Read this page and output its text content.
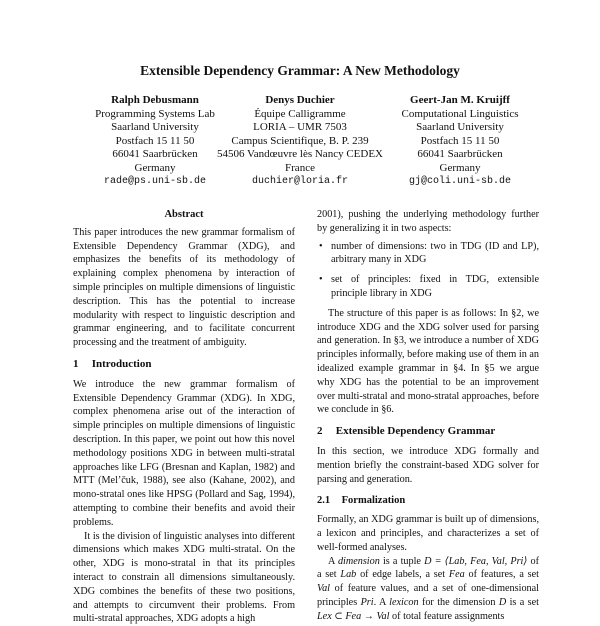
Extensible Dependency Grammar: A New Methodology
Ralph Debusmann
Programming Systems Lab
Saarland University
Postfach 15 11 50
66041 Saarbrücken
Germany
rade@ps.uni-sb.de
Denys Duchier
Équipe Calligramme
LORIA – UMR 7503
Campus Scientifique, B. P. 239
54506 Vandœuvre lès Nancy CEDEX
France
duchier@loria.fr
Geert-Jan M. Kruijff
Computational Linguistics
Saarland University
Postfach 15 11 50
66041 Saarbrücken
Germany
gj@coli.uni-sb.de
Abstract

This paper introduces the new grammar formalism of Extensible Dependency Grammar (XDG), and emphasizes the benefits of its methodology of explaining complex phenomena by interaction of simple principles on multiple dimensions of linguistic description. This has the potential to increase modularity with respect to linguistic description and grammar engineering, and to facilitate concurrent processing and the treatment of ambiguity.

1 Introduction

We introduce the new grammar formalism of Extensible Dependency Grammar (XDG). In XDG, complex phenomena arise out of the interaction of simple principles on multiple dimensions of linguistic description. In this paper, we point out how this novel methodology positions XDG in between multi-stratal approaches like LFG (Bresnan and Kaplan, 1982) and MTT (Mel’čuk, 1988), see also (Kahane, 2002), and mono-stratal ones like HPSG (Pollard and Sag, 1994), attempting to combine their benefits and avoid their problems.

It is the division of linguistic analyses into different dimensions which makes XDG multi-stratal. On the other, XDG is mono-stratal in that its principles interact to constrain all dimensions simultaneously. XDG combines the benefits of these two positions, and attempts to circumvent their problems. From multi-stratal approaches, XDG adopts a high

2001), pushing the underlying methodology further by generalizing it in two aspects:

• number of dimensions: two in TDG (ID and LP), arbitrary many in XDG
• set of principles: fixed in TDG, extensible principle library in XDG

The structure of this paper is as follows: In §2, we introduce XDG and the XDG solver used for parsing and generation. In §3, we introduce a number of XDG principles informally, before making use of them in an idealized example grammar in §4. In §5 we argue why XDG has the potential to be an improvement over multi-stratal and mono-stratal approaches, before we conclude in §6.

2 Extensible Dependency Grammar

In this section, we introduce XDG formally and mention briefly the constraint-based XDG solver for parsing and generation.

2.1 Formalization

Formally, an XDG grammar is built up of dimensions, a lexicon and principles, and characterizes a set of well-formed analyses.

A dimension is a tuple D = ⟨Lab, Fea, Val, Pri⟩ of a set Lab of edge labels, a set Fea of features, a set Val of feature values, and a set of one-dimensional principles Pri. A lexicon for the dimension D is a set Lex ⊂ Fea → Val of total feature assignments
